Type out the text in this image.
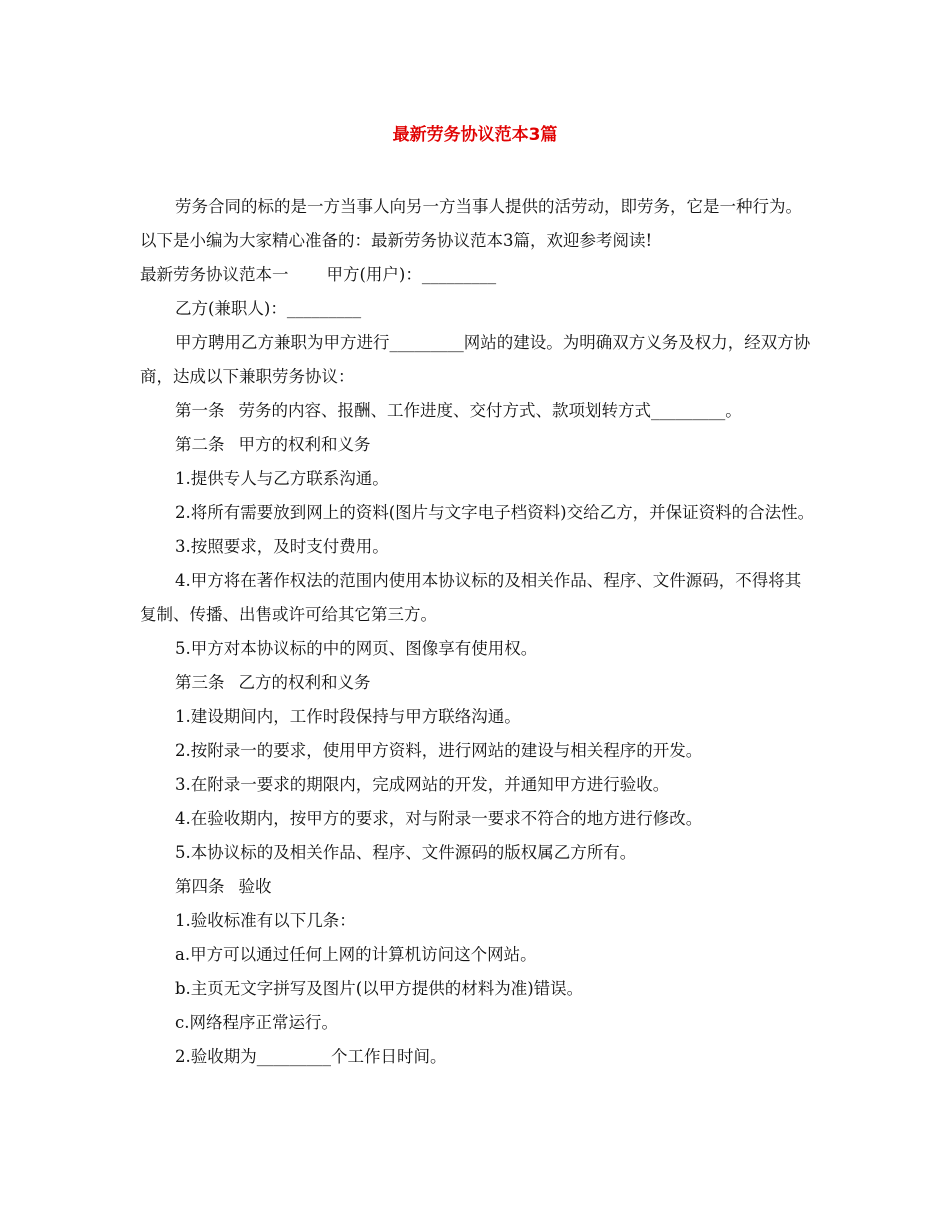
最新劳务协议范本3篇

劳务合同的标的是一方当事人向另一方当事人提供的活劳动，即劳务，它是一种行为。以下是小编为大家精心准备的：最新劳务协议范本3篇，欢迎参考阅读!

最新劳务协议范本一 甲方(用户)：_________

乙方(兼职人)：_________

甲方聘用乙方兼职为甲方进行_________网站的建设。为明确双方义务及权力，经双方协商，达成以下兼职劳务协议：

第一条 劳务的内容、报酬、工作进度、交付方式、款项划转方式_________。

第二条 甲方的权利和义务

1.提供专人与乙方联系沟通。

2.将所有需要放到网上的资料(图片与文字电子档资料)交给乙方，并保证资料的合法性。

3.按照要求，及时支付费用。

4.甲方将在著作权法的范围内使用本协议标的及相关作品、程序、文件源码，不得将其复制、传播、出售或许可给其它第三方。

5.甲方对本协议标的中的网页、图像享有使用权。

第三条 乙方的权利和义务

1.建设期间内，工作时段保持与甲方联络沟通。

2.按附录一的要求，使用甲方资料，进行网站的建设与相关程序的开发。

3.在附录一要求的期限内，完成网站的开发，并通知甲方进行验收。

4.在验收期内，按甲方的要求，对与附录一要求不符合的地方进行修改。

5.本协议标的及相关作品、程序、文件源码的版权属乙方所有。

第四条 验收

1.验收标准有以下几条：

a.甲方可以通过任何上网的计算机访问这个网站。

b.主页无文字拼写及图片(以甲方提供的材料为准)错误。

c.网络程序正常运行。

2.验收期为_________个工作日时间。
